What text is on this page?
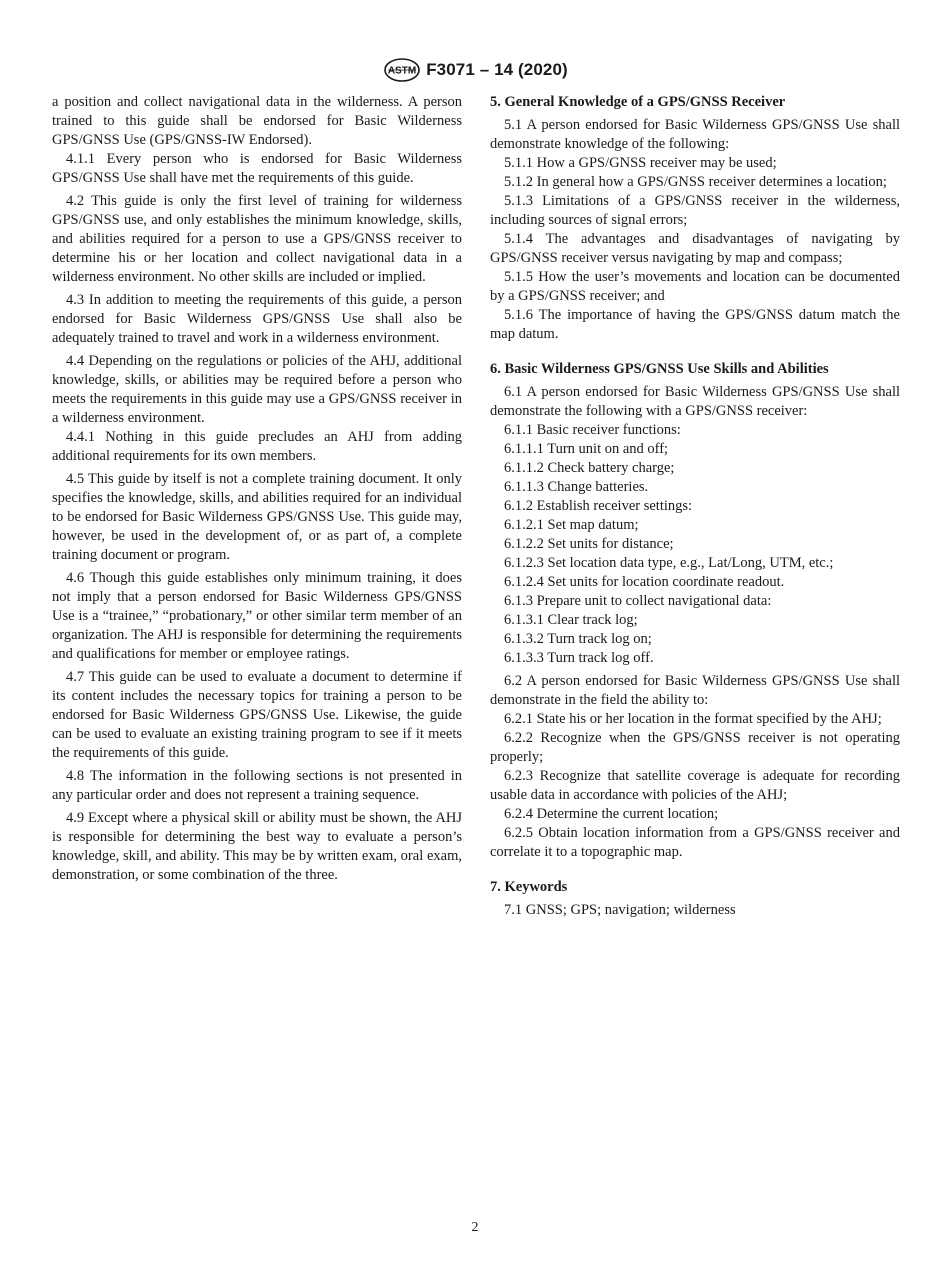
ASTM F3071 – 14 (2020)
a position and collect navigational data in the wilderness. A person trained to this guide shall be endorsed for Basic Wilderness GPS/GNSS Use (GPS/GNSS-IW Endorsed).
4.1.1 Every person who is endorsed for Basic Wilderness GPS/GNSS Use shall have met the requirements of this guide.
4.2 This guide is only the first level of training for wilderness GPS/GNSS use, and only establishes the minimum knowledge, skills, and abilities required for a person to use a GPS/GNSS receiver to determine his or her location and collect navigational data in a wilderness environment. No other skills are included or implied.
4.3 In addition to meeting the requirements of this guide, a person endorsed for Basic Wilderness GPS/GNSS Use shall also be adequately trained to travel and work in a wilderness environment.
4.4 Depending on the regulations or policies of the AHJ, additional knowledge, skills, or abilities may be required before a person who meets the requirements in this guide may use a GPS/GNSS receiver in a wilderness environment.
4.4.1 Nothing in this guide precludes an AHJ from adding additional requirements for its own members.
4.5 This guide by itself is not a complete training document. It only specifies the knowledge, skills, and abilities required for an individual to be endorsed for Basic Wilderness GPS/GNSS Use. This guide may, however, be used in the development of, or as part of, a complete training document or program.
4.6 Though this guide establishes only minimum training, it does not imply that a person endorsed for Basic Wilderness GPS/GNSS Use is a “trainee,” “probationary,” or other similar term member of an organization. The AHJ is responsible for determining the requirements and qualifications for member or employee ratings.
4.7 This guide can be used to evaluate a document to determine if its content includes the necessary topics for training a person to be endorsed for Basic Wilderness GPS/GNSS Use. Likewise, the guide can be used to evaluate an existing training program to see if it meets the requirements of this guide.
4.8 The information in the following sections is not presented in any particular order and does not represent a training sequence.
4.9 Except where a physical skill or ability must be shown, the AHJ is responsible for determining the best way to evaluate a person’s knowledge, skill, and ability. This may be by written exam, oral exam, demonstration, or some combination of the three.
5. General Knowledge of a GPS/GNSS Receiver
5.1 A person endorsed for Basic Wilderness GPS/GNSS Use shall demonstrate knowledge of the following:
5.1.1 How a GPS/GNSS receiver may be used;
5.1.2 In general how a GPS/GNSS receiver determines a location;
5.1.3 Limitations of a GPS/GNSS receiver in the wilderness, including sources of signal errors;
5.1.4 The advantages and disadvantages of navigating by GPS/GNSS receiver versus navigating by map and compass;
5.1.5 How the user’s movements and location can be documented by a GPS/GNSS receiver; and
5.1.6 The importance of having the GPS/GNSS datum match the map datum.
6. Basic Wilderness GPS/GNSS Use Skills and Abilities
6.1 A person endorsed for Basic Wilderness GPS/GNSS Use shall demonstrate the following with a GPS/GNSS receiver:
6.1.1 Basic receiver functions:
6.1.1.1 Turn unit on and off;
6.1.1.2 Check battery charge;
6.1.1.3 Change batteries.
6.1.2 Establish receiver settings:
6.1.2.1 Set map datum;
6.1.2.2 Set units for distance;
6.1.2.3 Set location data type, e.g., Lat/Long, UTM, etc.;
6.1.2.4 Set units for location coordinate readout.
6.1.3 Prepare unit to collect navigational data:
6.1.3.1 Clear track log;
6.1.3.2 Turn track log on;
6.1.3.3 Turn track log off.
6.2 A person endorsed for Basic Wilderness GPS/GNSS Use shall demonstrate in the field the ability to:
6.2.1 State his or her location in the format specified by the AHJ;
6.2.2 Recognize when the GPS/GNSS receiver is not operating properly;
6.2.3 Recognize that satellite coverage is adequate for recording usable data in accordance with policies of the AHJ;
6.2.4 Determine the current location;
6.2.5 Obtain location information from a GPS/GNSS receiver and correlate it to a topographic map.
7. Keywords
7.1 GNSS; GPS; navigation; wilderness
2
